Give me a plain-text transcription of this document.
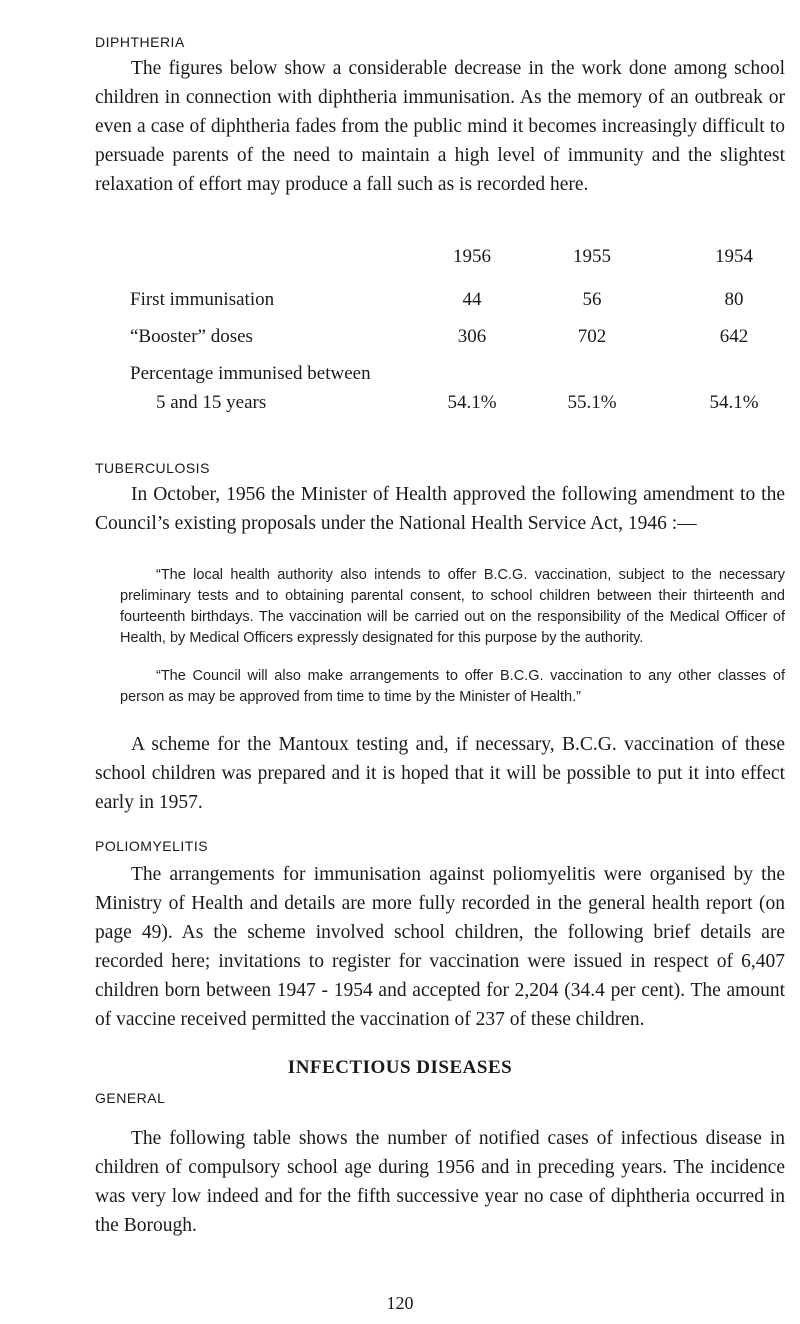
DIPHTHERIA
The figures below show a considerable decrease in the work done among school children in connection with diphtheria immunisation. As the memory of an outbreak or even a case of diphtheria fades from the public mind it becomes increasingly difficult to persuade parents of the need to maintain a high level of immunity and the slightest relaxation of effort may produce a fall such as is recorded here.
1956	1955	1954
First immunisation	44	56	80
“Booster” doses	306	702	642
Percentage immunised between
5 and 15 years	54.1%	55.1%	54.1%
TUBERCULOSIS
In October, 1956 the Minister of Health approved the following amendment to the Council’s existing proposals under the National Health Service Act, 1946 :—
“The local health authority also intends to offer B.C.G. vaccination, subject to the necessary preliminary tests and to obtaining parental consent, to school children between their thirteenth and fourteenth birthdays. The vaccination will be carried out on the responsibility of the Medical Officer of Health, by Medical Officers expressly designated for this purpose by the authority.
“The Council will also make arrangements to offer B.C.G. vaccination to any other classes of person as may be approved from time to time by the Minister of Health.”
A scheme for the Mantoux testing and, if necessary, B.C.G. vaccination of these school children was prepared and it is hoped that it will be possible to put it into effect early in 1957.
POLIOMYELITIS
The arrangements for immunisation against poliomyelitis were organised by the Ministry of Health and details are more fully recorded in the general health report (on page 49). As the scheme involved school children, the following brief details are recorded here; invitations to register for vaccination were issued in respect of 6,407 children born between 1947 - 1954 and accepted for 2,204 (34.4 per cent). The amount of vaccine received permitted the vaccination of 237 of these children.
INFECTIOUS DISEASES
GENERAL
The following table shows the number of notified cases of infectious disease in children of compulsory school age during 1956 and in preceding years. The incidence was very low indeed and for the fifth successive year no case of diphtheria occurred in the Borough.
120
